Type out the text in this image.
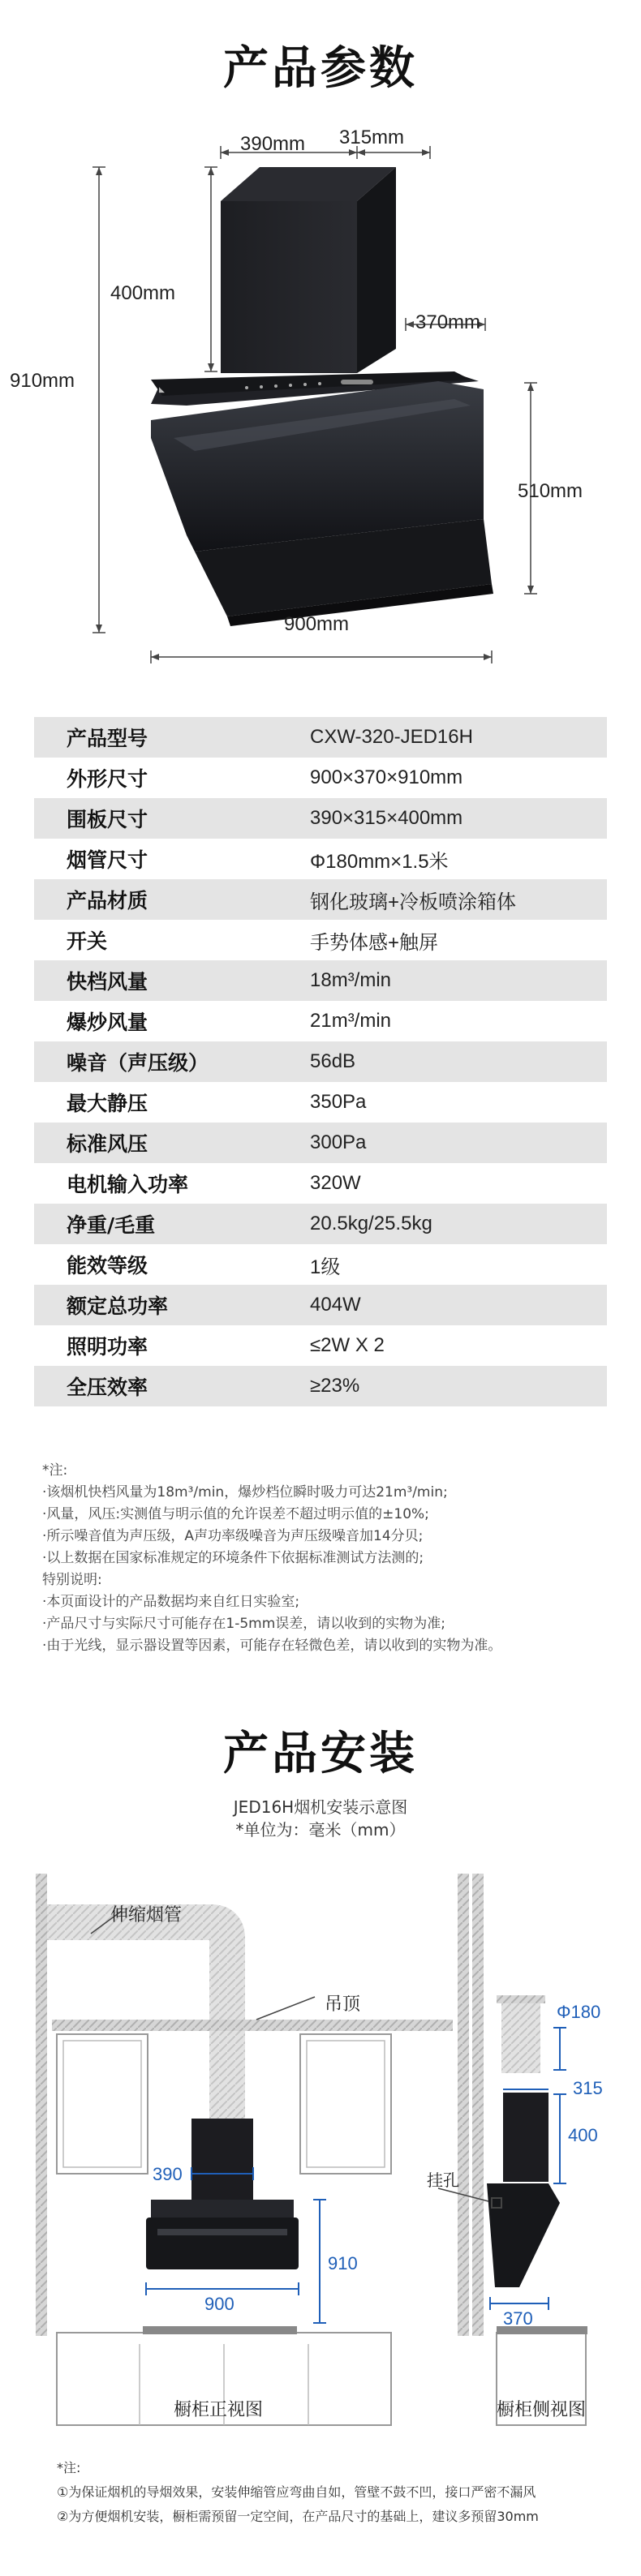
产品参数
◣
390mm 315mm
400mm
370mm
910mm
510mm
900mm
产品型号	CXW-320-JED16H
外形尺寸	900×370×910mm
围板尺寸	390×315×400mm
烟管尺寸	Φ180mm×1.5米
产品材质	钢化玻璃+冷板喷涂箱体
开关	手势体感+触屏
快档风量	18m³/min
爆炒风量	21m³/min
噪音（声压级）	56dB
最大静压	350Pa
标准风压	300Pa
电机输入功率	320W
净重/毛重	20.5kg/25.5kg
能效等级	1级
额定总功率	404W
照明功率	≤2W X 2
全压效率	≥23%
*注:
·该烟机快档风量为18m³/min，爆炒档位瞬时吸力可达21m³/min;
·风量，风压:实测值与明示值的允许误差不超过明示值的±10%;
·所示噪音值为声压级，A声功率级噪音为声压级噪音加14分贝;
·以上数据在国家标准规定的环境条件下依据标准测试方法测的;
特别说明:
·本页面设计的产品数据均来自红日实验室;
·产品尺寸与实际尺寸可能存在1-5mm误差，请以收到的实物为准;
·由于光线，显示器设置等因素，可能存在轻微色差，请以收到的实物为准。
产品安装
JED16H烟机安装示意图
*单位为：毫米（mm）
伸缩烟管
吊顶
挂孔
390
910
900
Φ180
315
400
370
橱柜正视图	橱柜侧视图
*注:
①为保证烟机的导烟效果，安装伸缩管应弯曲自如，管壁不鼓不凹，接口严密不漏风
②为方便烟机安装，橱柜需预留一定空间，在产品尺寸的基础上，建议多预留30mm
